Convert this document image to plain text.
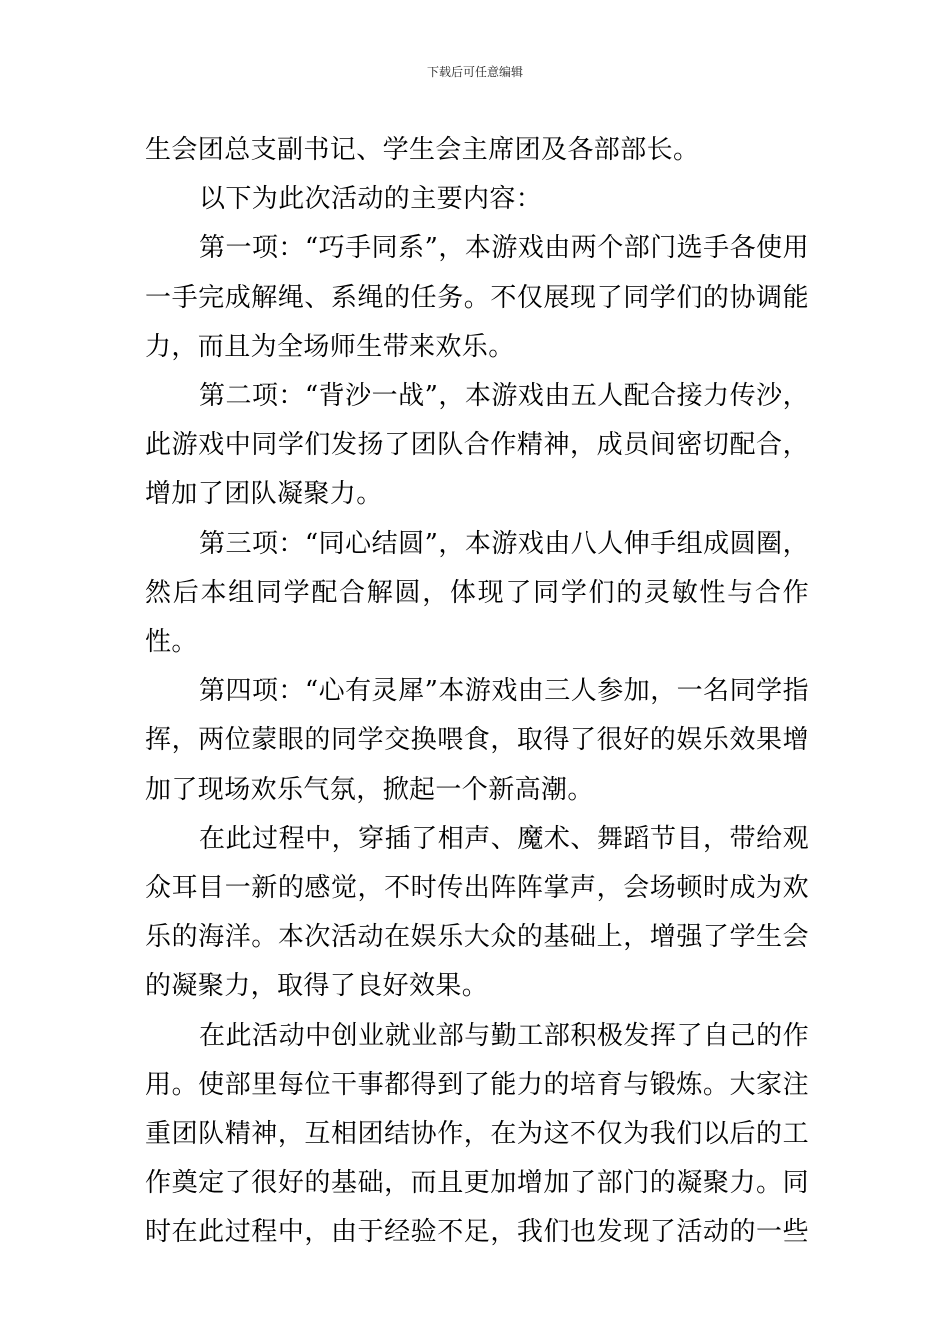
下载后可任意编辑

生会团总支副书记、学生会主席团及各部部长。

以下为此次活动的主要内容：

第一项：“巧手同系”，本游戏由两个部门选手各使用一手完成解绳、系绳的任务。不仅展现了同学们的协调能力，而且为全场师生带来欢乐。

第二项：“背沙一战”，本游戏由五人配合接力传沙，此游戏中同学们发扬了团队合作精神，成员间密切配合，增加了团队凝聚力。

第三项：“同心结圆”，本游戏由八人伸手组成圆圈，然后本组同学配合解圆，体现了同学们的灵敏性与合作性。

第四项：“心有灵犀”本游戏由三人参加，一名同学指挥，两位蒙眼的同学交换喂食，取得了很好的娱乐效果增加了现场欢乐气氛，掀起一个新高潮。

在此过程中，穿插了相声、魔术、舞蹈节目，带给观众耳目一新的感觉，不时传出阵阵掌声，会场顿时成为欢乐的海洋。本次活动在娱乐大众的基础上，增强了学生会的凝聚力，取得了良好效果。

在此活动中创业就业部与勤工部积极发挥了自己的作用。使部里每位干事都得到了能力的培育与锻炼。大家注重团队精神，互相团结协作，在为这不仅为我们以后的工作奠定了很好的基础，而且更加增加了部门的凝聚力。同时在此过程中，由于经验不足，我们也发现了活动的一些
